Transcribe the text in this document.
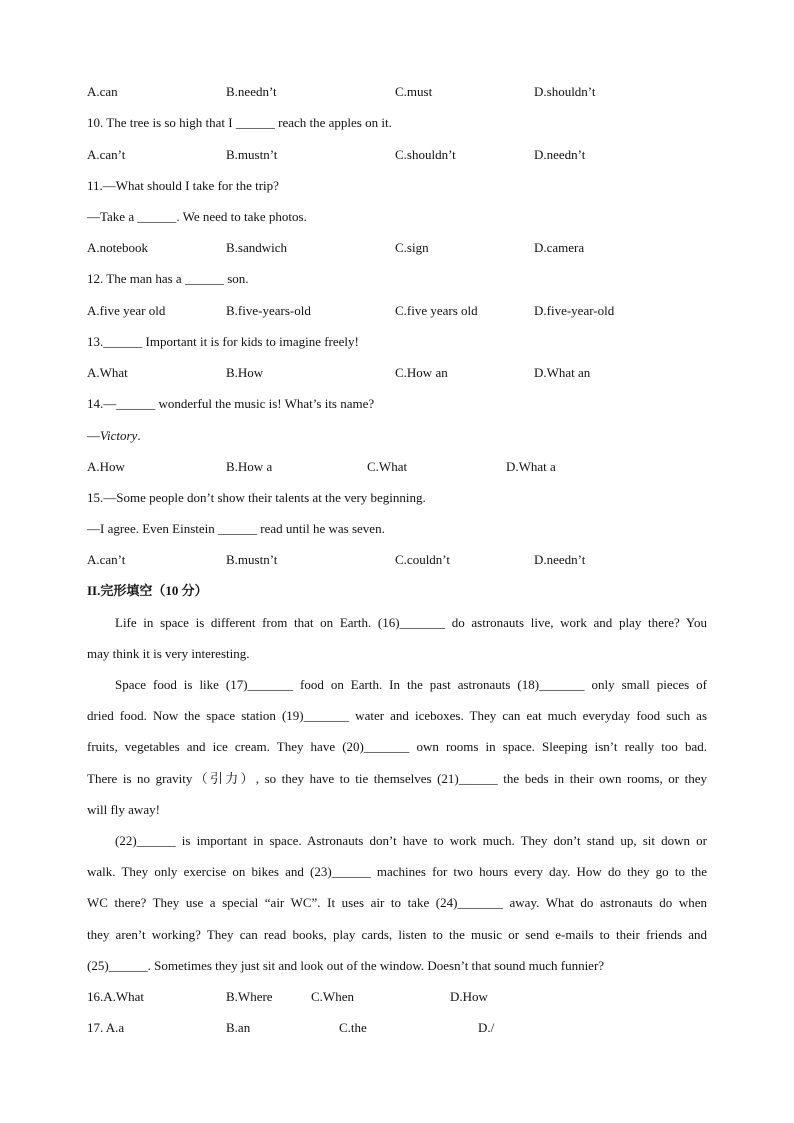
A.can	B.needn’t	C.must	D.shouldn’t
10. The tree is so high that I ______ reach the apples on it.
A.can’t	B.mustn’t	C.shouldn’t	D.needn’t
11.—What should I take for the trip?
—Take a ______. We need to take photos.
A.notebook	B.sandwich	C.sign	D.camera
12. The man has a ______ son.
A.five year old	B.five-years-old	C.five years old	D.five-year-old
13.______ Important it is for kids to imagine freely!
A.What	B.How	C.How an	D.What an
14.—______ wonderful the music is! What’s its name?
—Victory.
A.How	B.How a	C.What	D.What a
15.—Some people don’t show their talents at the very beginning.
—I agree. Even Einstein ______ read until he was seven.
A.can’t	B.mustn’t	C.couldn’t	D.needn’t
II.完形填空（10 分）
Life in space is different from that on Earth. (16)_______ do astronauts live, work and play there? You
may think it is very interesting.
Space food is like (17)_______ food on Earth. In the past astronauts (18)_______ only small pieces of
dried food. Now the space station (19)_______ water and iceboxes. They can eat much everyday food such as
fruits, vegetables and ice cream. They have (20)_______ own rooms in space. Sleeping isn’t really too bad.
There is no gravity（引力）, so they have to tie themselves (21)______ the beds in their own rooms, or they
will fly away!
(22)______ is important in space. Astronauts don’t have to work much. They don’t stand up, sit down or
walk. They only exercise on bikes and (23)______ machines for two hours every day. How do they go to the
WC there? They use a special “air WC”. It uses air to take (24)_______ away. What do astronauts do when
they aren’t working? They can read books, play cards, listen to the music or send e-mails to their friends and
(25)______. Sometimes they just sit and look out of the window. Doesn’t that sound much funnier?
16.A.What	B.Where	C.When	D.How
17. A.a	B.an	C.the	D./
